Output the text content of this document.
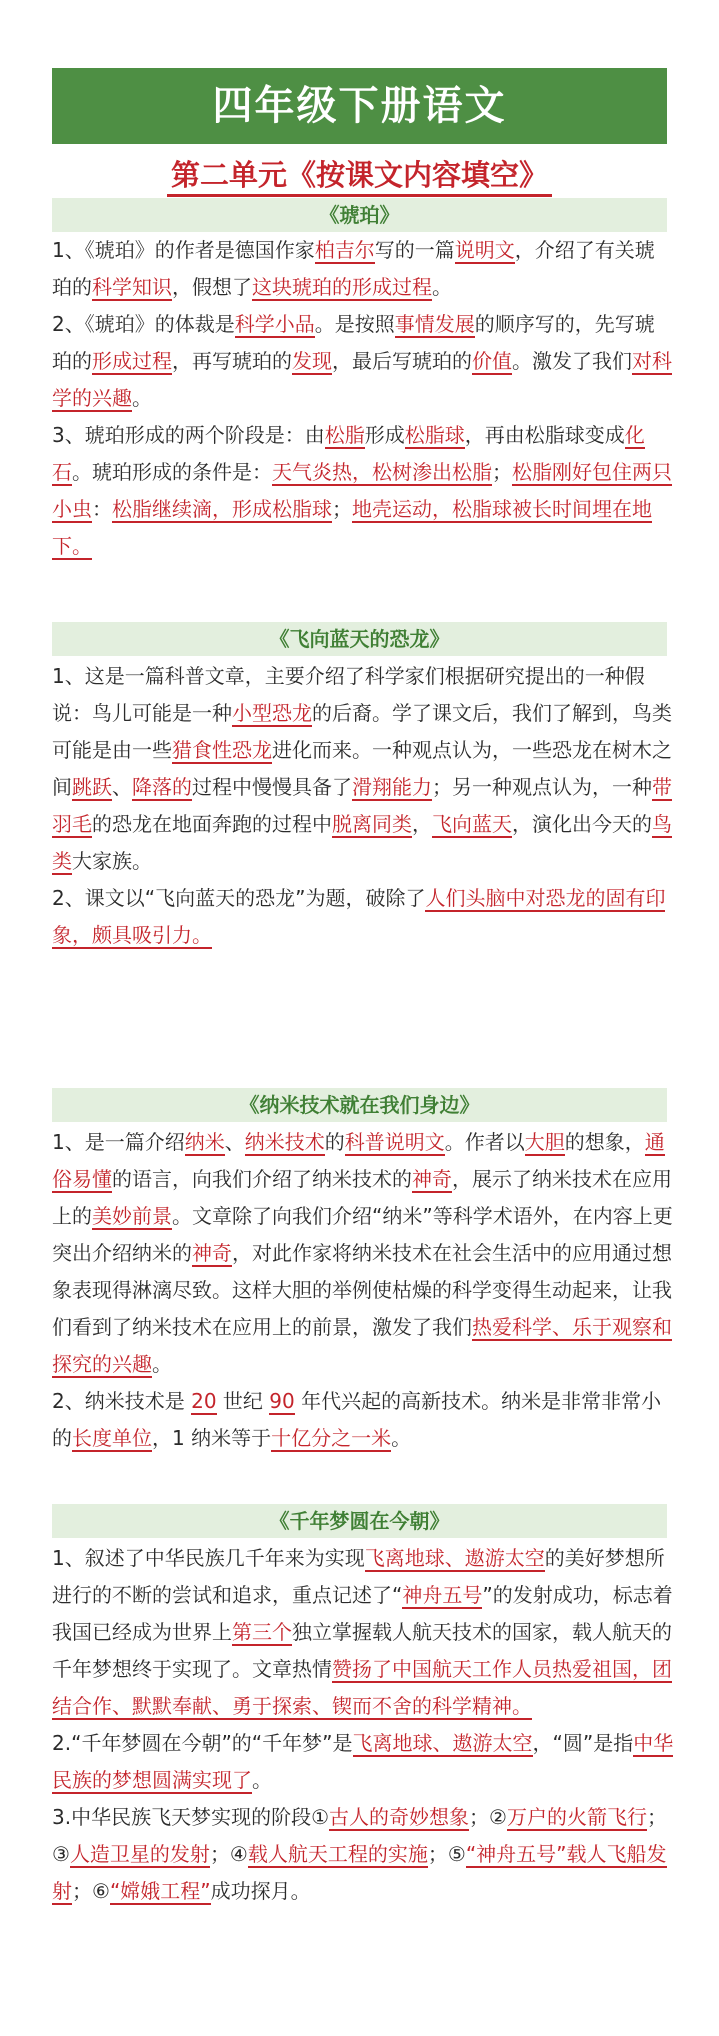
四年级下册语文
第二单元《按课文内容填空》
《琥珀》

1、《琥珀》的作者是德国作家柏吉尔写的一篇说明文，介绍了有关琥珀的科学知识，假想了这块琥珀的形成过程。

2、《琥珀》的体裁是科学小品。是按照事情发展的顺序写的，先写琥珀的形成过程，再写琥珀的发现，最后写琥珀的价值。激发了我们对科学的兴趣。

3、琥珀形成的两个阶段是：由松脂形成松脂球，再由松脂球变成化石。琥珀形成的条件是：天气炎热，松树渗出松脂；松脂刚好包住两只小虫：松脂继续滴，形成松脂球；地壳运动，松脂球被长时间埋在地下。

《飞向蓝天的恐龙》

1、这是一篇科普文章，主要介绍了科学家们根据研究提出的一种假说：鸟儿可能是一种小型恐龙的后裔。学了课文后，我们了解到，鸟类可能是由一些猎食性恐龙进化而来。一种观点认为，一些恐龙在树木之间跳跃、降落的过程中慢慢具备了滑翔能力；另一种观点认为，一种带羽毛的恐龙在地面奔跑的过程中脱离同类，飞向蓝天，演化出今天的鸟类大家族。

2、课文以“飞向蓝天的恐龙”为题，破除了人们头脑中对恐龙的固有印象，颇具吸引力。

《纳米技术就在我们身边》

1、是一篇介绍纳米、纳米技术的科普说明文。作者以大胆的想象，通俗易懂的语言，向我们介绍了纳米技术的神奇，展示了纳米技术在应用上的美妙前景。文章除了向我们介绍“纳米”等科学术语外，在内容上更突出介绍纳米的神奇，对此作家将纳米技术在社会生活中的应用通过想象表现得淋漓尽致。这样大胆的举例使枯燥的科学变得生动起来，让我们看到了纳米技术在应用上的前景，激发了我们热爱科学、乐于观察和探究的兴趣。

2、纳米技术是 20 世纪 90 年代兴起的高新技术。纳米是非常非常小的长度单位，1 纳米等于十亿分之一米。

《千年梦圆在今朝》

1、叙述了中华民族几千年来为实现飞离地球、遨游太空的美好梦想所进行的不断的尝试和追求，重点记述了“神舟五号”的发射成功，标志着我国已经成为世界上第三个独立掌握载人航天技术的国家，载人航天的千年梦想终于实现了。文章热情赞扬了中国航天工作人员热爱祖国，团结合作、默默奉献、勇于探索、锲而不舍的科学精神。

2.“千年梦圆在今朝”的“千年梦”是飞离地球、遨游太空，“圆”是指中华民族的梦想圆满实现了。

3.中华民族飞天梦实现的阶段①古人的奇妙想象；②万户的火箭飞行；③人造卫星的发射；④载人航天工程的实施；⑤“神舟五号”载人飞船发射；⑥“嫦娥工程”成功探月。
